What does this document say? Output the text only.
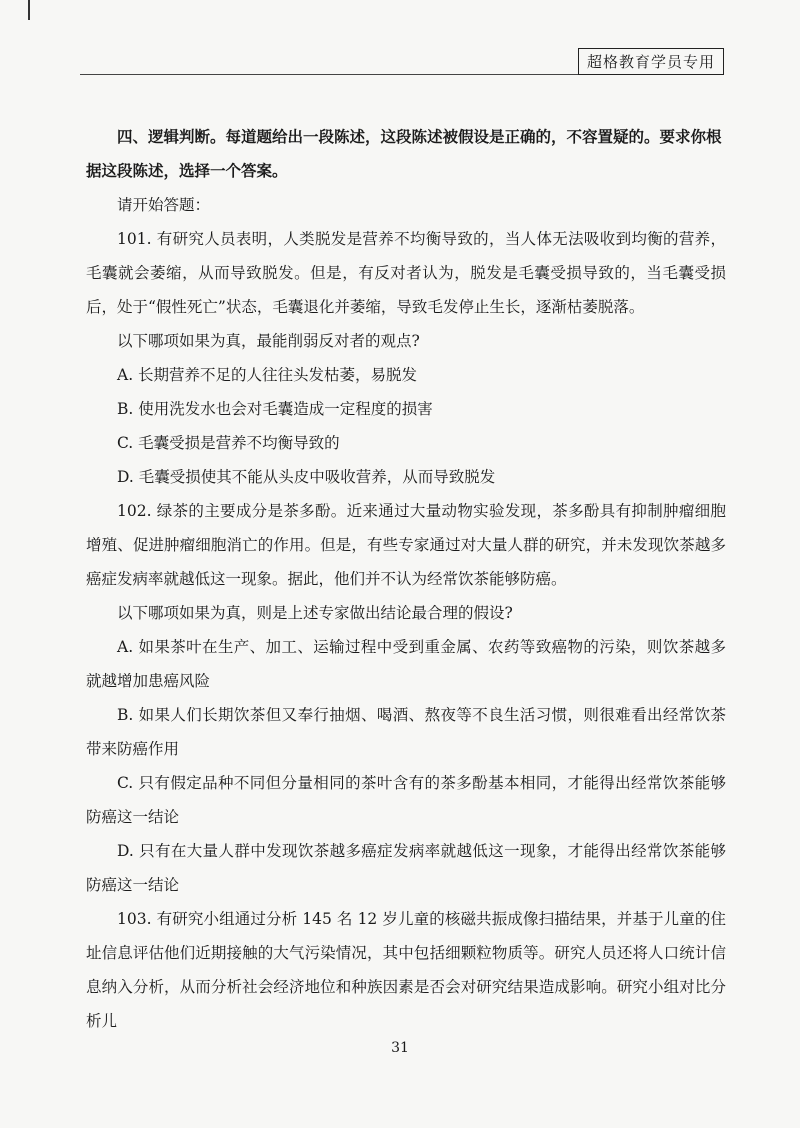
超格教育学员专用

四、逻辑判断。每道题给出一段陈述，这段陈述被假设是正确的，不容置疑的。要求你根
据这段陈述，选择一个答案。

请开始答题：

101. 有研究人员表明，人类脱发是营养不均衡导致的，当人体无法吸收到均衡的营养，毛囊就会萎缩，从而导致脱发。但是，有反对者认为，脱发是毛囊受损导致的，当毛囊受损后，处于“假性死亡”状态，毛囊退化并萎缩，导致毛发停止生长，逐渐枯萎脱落。

以下哪项如果为真，最能削弱反对者的观点?

A. 长期营养不足的人往往头发枯萎，易脱发

B. 使用洗发水也会对毛囊造成一定程度的损害

C. 毛囊受损是营养不均衡导致的

D. 毛囊受损使其不能从头皮中吸收营养，从而导致脱发

102. 绿茶的主要成分是茶多酚。近来通过大量动物实验发现，茶多酚具有抑制肿瘤细胞增殖、促进肿瘤细胞消亡的作用。但是，有些专家通过对大量人群的研究，并未发现饮茶越多癌症发病率就越低这一现象。据此，他们并不认为经常饮茶能够防癌。

以下哪项如果为真，则是上述专家做出结论最合理的假设?

A. 如果茶叶在生产、加工、运输过程中受到重金属、农药等致癌物的污染，则饮茶越多就越增加患癌风险

B. 如果人们长期饮茶但又奉行抽烟、喝酒、熬夜等不良生活习惯，则很难看出经常饮茶带来防癌作用

C. 只有假定品种不同但分量相同的茶叶含有的茶多酚基本相同，才能得出经常饮茶能够防癌这一结论

D. 只有在大量人群中发现饮茶越多癌症发病率就越低这一现象，才能得出经常饮茶能够防癌这一结论

103. 有研究小组通过分析 145 名 12 岁儿童的核磁共振成像扫描结果，并基于儿童的住址信息评估他们近期接触的大气污染情况，其中包括细颗粒物质等。研究人员还将人口统计信息纳入分析，从而分析社会经济地位和种族因素是否会对研究结果造成影响。研究小组对比分析儿

31
